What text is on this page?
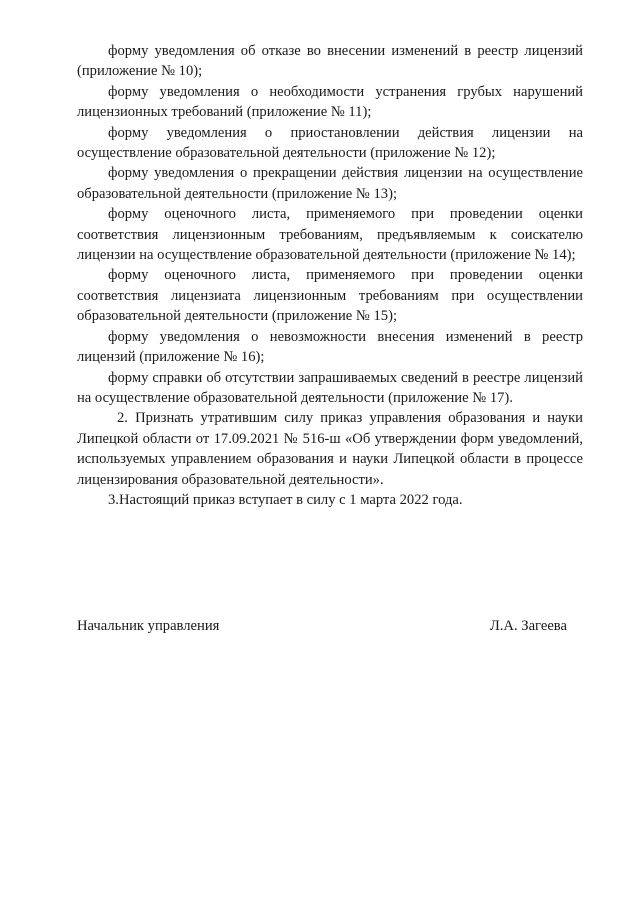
форму уведомления об отказе во внесении изменений в реестр лицензий (приложение № 10);

форму уведомления о необходимости устранения грубых нарушений лицензионных требований (приложение № 11);

форму уведомления о приостановлении действия лицензии на осуществление образовательной деятельности (приложение № 12);

форму уведомления о прекращении действия лицензии на осуществление образовательной деятельности (приложение № 13);

форму оценочного листа, применяемого при проведении оценки соответствия лицензионным требованиям, предъявляемым к соискателю лицензии на осуществление образовательной деятельности (приложение № 14);

форму оценочного листа, применяемого при проведении оценки соответствия лицензиата лицензионным требованиям при осуществлении образовательной деятельности (приложение № 15);

форму уведомления о невозможности внесения изменений в реестр лицензий (приложение № 16);

форму справки об отсутствии запрашиваемых сведений в реестре лицензий на осуществление образовательной деятельности (приложение № 17).

2. Признать утратившим силу приказ управления образования и науки Липецкой области от 17.09.2021 № 516-ш «Об утверждении форм уведомлений, используемых управлением образования и науки Липецкой области в процессе лицензирования образовательной деятельности».

3.Настоящий приказ вступает в силу с 1 марта 2022 года.

Начальник управления	Л.А. Загеева
